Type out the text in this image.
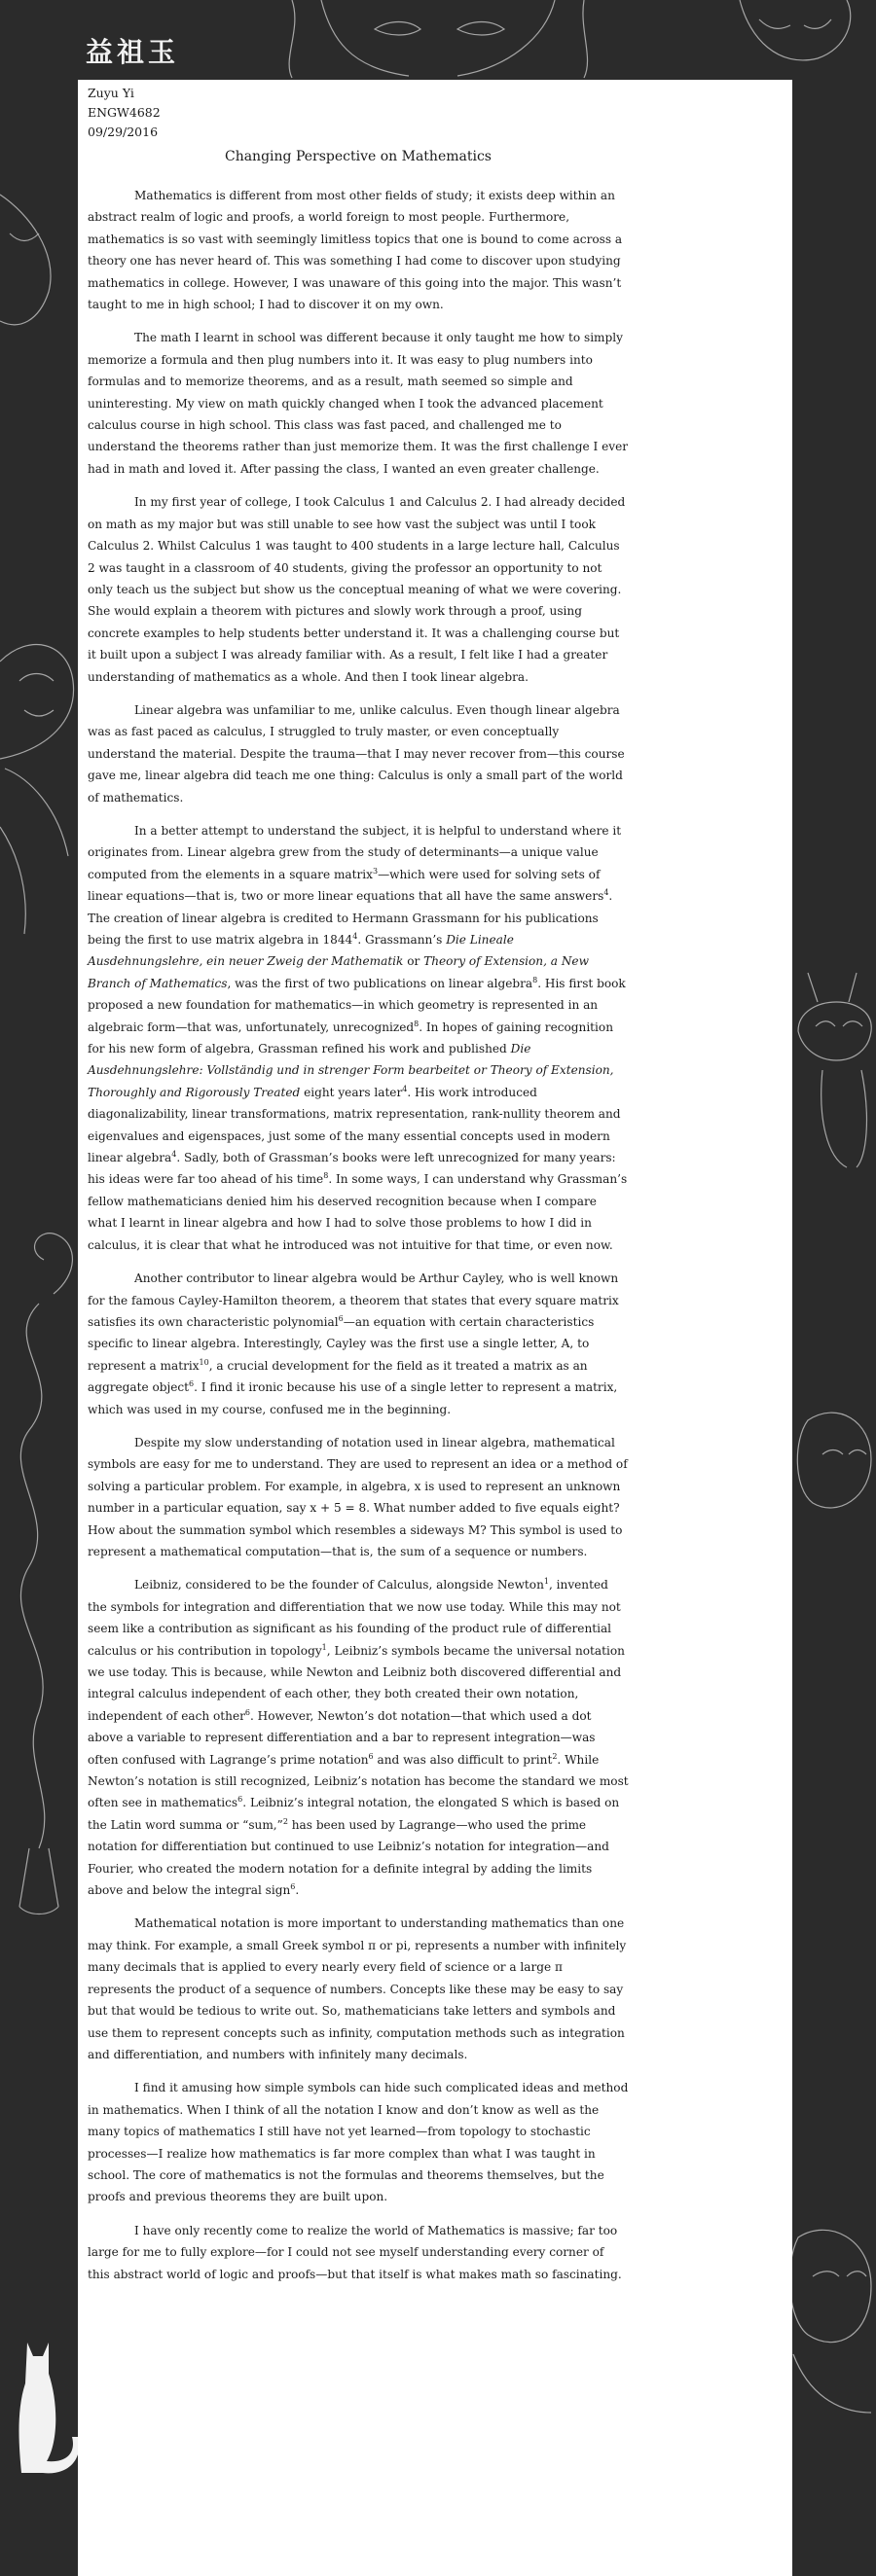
益祖玉

Zuyu Yi

ENGW4682

09/29/2016

Changing Perspective on Mathematics

Mathematics is different from most other fields of study; it exists deep within an abstract realm of logic and proofs, a world foreign to most people. Furthermore, mathematics is so vast with seemingly limitless topics that one is bound to come across a theory one has never heard of. This was something I had come to discover upon studying mathematics in college. However, I was unaware of this going into the major. This wasn’t taught to me in high school; I had to discover it on my own.

The math I learnt in school was different because it only taught me how to simply memorize a formula and then plug numbers into it. It was easy to plug numbers into formulas and to memorize theorems, and as a result, math seemed so simple and uninteresting. My view on math quickly changed when I took the advanced placement calculus course in high school. This class was fast paced, and challenged me to understand the theorems rather than just memorize them. It was the first challenge I ever had in math and loved it. After passing the class, I wanted an even greater challenge.

In my first year of college, I took Calculus 1 and Calculus 2. I had already decided on math as my major but was still unable to see how vast the subject was until I took Calculus 2. Whilst Calculus 1 was taught to 400 students in a large lecture hall, Calculus 2 was taught in a classroom of 40 students, giving the professor an opportunity to not only teach us the subject but show us the conceptual meaning of what we were covering. She would explain a theorem with pictures and slowly work through a proof, using concrete examples to help students better understand it. It was a challenging course but it built upon a subject I was already familiar with. As a result, I felt like I had a greater understanding of mathematics as a whole. And then I took linear algebra.

Linear algebra was unfamiliar to me, unlike calculus. Even though linear algebra was as fast paced as calculus, I struggled to truly master, or even conceptually understand the material. Despite the trauma—that I may never recover from—this course gave me, linear algebra did teach me one thing: Calculus is only a small part of the world of mathematics.

In a better attempt to understand the subject, it is helpful to understand where it originates from. Linear algebra grew from the study of determinants—a unique value computed from the elements in a square matrix$^3$—which were used for solving sets of linear equations—that is, two or more linear equations that all have the same answers$^4$. The creation of linear algebra is credited to Hermann Grassmann for his publications being the first to use matrix algebra in 1844$^4$. Grassmann’s Die Lineale Ausdehnungslehre, ein neuer Zweig der Mathematik or Theory of Extension, a New Branch of Mathematics, was the first of two publications on linear algebra$^8$. His first book proposed a new foundation for mathematics—in which geometry is represented in an algebraic form—that was, unfortunately, unrecognized$^8$. In hopes of gaining recognition for his new form of algebra, Grassman refined his work and published Die Ausdehnungslehre: Vollständig und in strenger Form bearbeitet or Theory of Extension, Thoroughly and Rigorously Treated eight years later$^4$. His work introduced diagonalizability, linear transformations, matrix representation, rank-nullity theorem and eigenvalues and eigenspaces, just some of the many essential concepts used in modern linear algebra$^4$. Sadly, both of Grassman’s books were left unrecognized for many years: his ideas were far too ahead of his time$^8$. In some ways, I can understand why Grassman’s fellow mathematicians denied him his deserved recognition because when I compare what I learnt in linear algebra and how I had to solve those problems to how I did in calculus, it is clear that what he introduced was not intuitive for that time, or even now.

Another contributor to linear algebra would be Arthur Cayley, who is well known for the famous Cayley-Hamilton theorem, a theorem that states that every square matrix satisfies its own characteristic polynomial$^6$—an equation with certain characteristics specific to linear algebra. Interestingly, Cayley was the first use a single letter, A, to represent a matrix$^{10}$, a crucial development for the field as it treated a matrix as an aggregate object$^6$. I find it ironic because his use of a single letter to represent a matrix, which was used in my course, confused me in the beginning.

Despite my slow understanding of notation used in linear algebra, mathematical symbols are easy for me to understand. They are used to represent an idea or a method of solving a particular problem. For example, in algebra, x is used to represent an unknown number in a particular equation, say x + 5 = 8. What number added to five equals eight? How about the summation symbol which resembles a sideways M? This symbol is used to represent a mathematical computation—that is, the sum of a sequence or numbers.

Leibniz, considered to be the founder of Calculus, alongside Newton$^1$, invented the symbols for integration and differentiation that we now use today. While this may not seem like a contribution as significant as his founding of the product rule of differential calculus or his contribution in topology$^1$, Leibniz’s symbols became the universal notation we use today. This is because, while Newton and Leibniz both discovered differential and integral calculus independent of each other, they both created their own notation, independent of each other$^6$. However, Newton’s dot notation—that which used a dot above a variable to represent differentiation and a bar to represent integration—was often confused with Lagrange’s prime notation$^6$ and was also difficult to print$^2$. While Newton’s notation is still recognized, Leibniz’s notation has become the standard we most often see in mathematics$^6$. Leibniz’s integral notation, the elongated S which is based on the Latin word summa or “sum,”$^2$ has been used by Lagrange—who used the prime notation for differentiation but continued to use Leibniz’s notation for integration—and Fourier, who created the modern notation for a definite integral by adding the limits above and below the integral sign$^6$.

Mathematical notation is more important to understanding mathematics than one may think. For example, a small Greek symbol π or pi, represents a number with infinitely many decimals that is applied to every nearly every field of science or a large π represents the product of a sequence of numbers. Concepts like these may be easy to say but that would be tedious to write out. So, mathematicians take letters and symbols and use them to represent concepts such as infinity, computation methods such as integration and differentiation, and numbers with infinitely many decimals.

I find it amusing how simple symbols can hide such complicated ideas and method in mathematics. When I think of all the notation I know and don’t know as well as the many topics of mathematics I still have not yet learned—from topology to stochastic processes—I realize how mathematics is far more complex than what I was taught in school. The core of mathematics is not the formulas and theorems themselves, but the proofs and previous theorems they are built upon.

I have only recently come to realize the world of Mathematics is massive; far too large for me to fully explore—for I could not see myself understanding every corner of this abstract world of logic and proofs—but that itself is what makes math so fascinating.
